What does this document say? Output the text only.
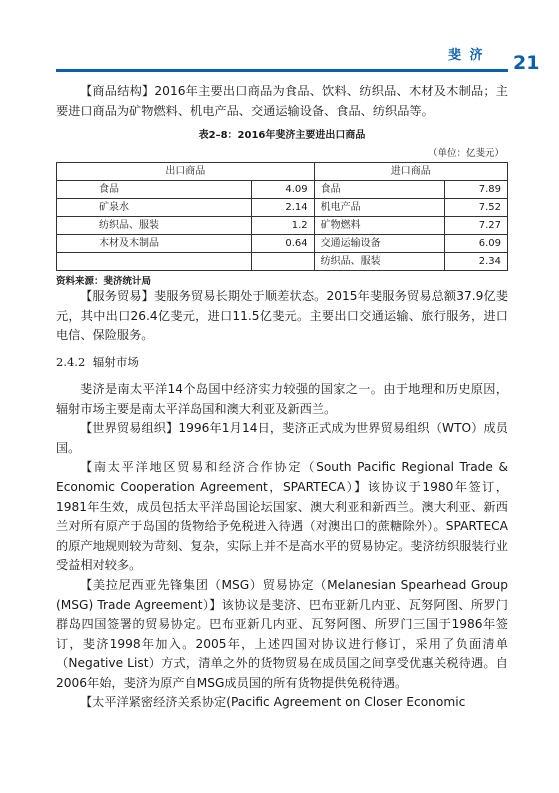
斐 济	21

【商品结构】2016年主要出口商品为食品、饮料、纺织品、木材及木制品；主要进口商品为矿物燃料、机电产品、交通运输设备、食品、纺织品等。

表2–8：2016年斐济主要进出口商品
（单位：亿斐元）
出口商品		进口商品	
食品	4.09	食品	7.89
矿泉水	2.14	机电产品	7.52
纺织品、服装	1.2	矿物燃料	7.27
木材及木制品	0.64	交通运输设备	6.09
		纺织品、服装	2.34
资料来源：斐济统计局

【服务贸易】斐服务贸易长期处于顺差状态。2015年斐服务贸易总额37.9亿斐元，其中出口26.4亿斐元，进口11.5亿斐元。主要出口交通运输、旅行服务，进口电信、保险服务。

2.4.2 辐射市场

斐济是南太平洋14个岛国中经济实力较强的国家之一。由于地理和历史原因，辐射市场主要是南太平洋岛国和澳大利亚及新西兰。

【世界贸易组织】1996年1月14日，斐济正式成为世界贸易组织（WTO）成员国。

【南太平洋地区贸易和经济合作协定（South Pacific Regional Trade & Economic Cooperation Agreement，SPARTECA）】该协议于1980年签订，1981年生效，成员包括太平洋岛国论坛国家、澳大利亚和新西兰。澳大利亚、新西兰对所有原产于岛国的货物给予免税进入待遇（对澳出口的蔗糖除外）。SPARTECA的原产地规则较为苛刻、复杂，实际上并不是高水平的贸易协定。斐济纺织服装行业受益相对较多。

【美拉尼西亚先锋集团（MSG）贸易协定（Melanesian Spearhead Group (MSG) Trade Agreement）】该协议是斐济、巴布亚新几内亚、瓦努阿图、所罗门群岛四国签署的贸易协定。巴布亚新几内亚、瓦努阿图、所罗门三国于1986年签订，斐济1998年加入。2005年，上述四国对协议进行修订，采用了负面清单（Negative List）方式，清单之外的货物贸易在成员国之间享受优惠关税待遇。自2006年始，斐济为原产自MSG成员国的所有货物提供免税待遇。

【太平洋紧密经济关系协定(Pacific Agreement on Closer Economic
